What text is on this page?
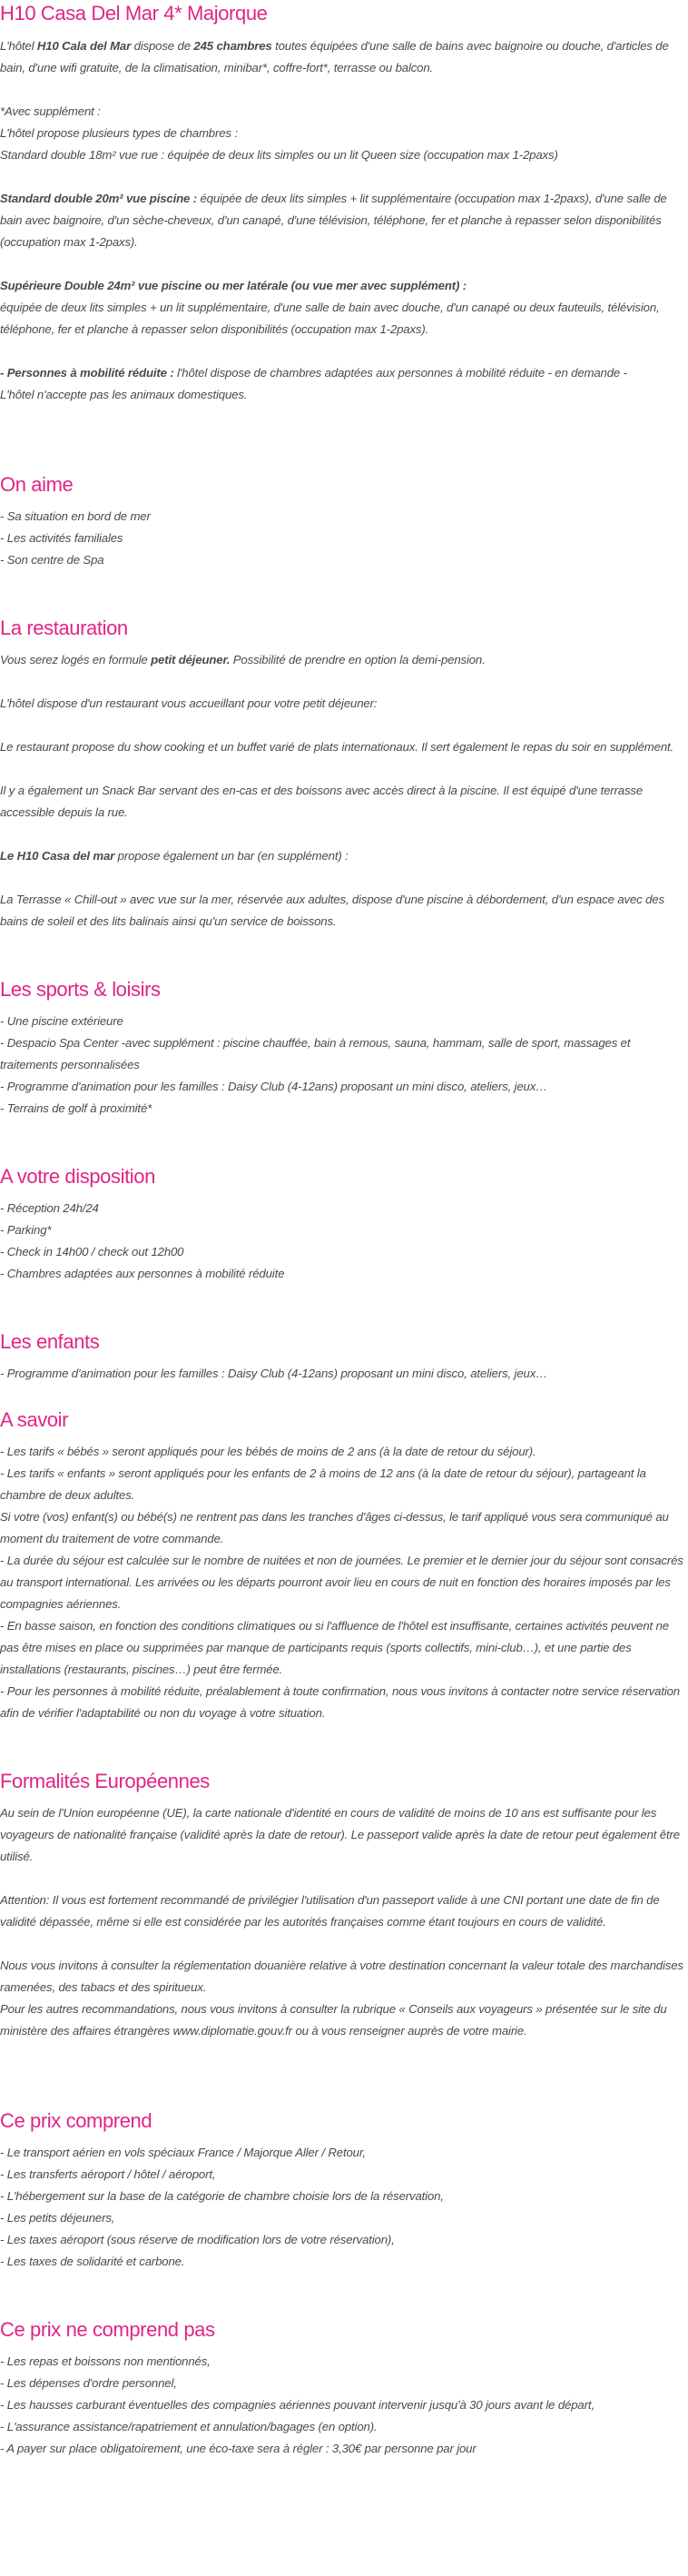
H10 Casa Del Mar 4* Majorque

L'hôtel H10 Cala del Mar dispose de 245 chambres toutes équipées d'une salle de bains avec baignoire ou douche, d'articles de bain, d'une wifi gratuite, de la climatisation, minibar*, coffre-fort*, terrasse ou balcon.

*Avec supplément :

L'hôtel propose plusieurs types de chambres :

Standard double 18m² vue rue : équipée de deux lits simples ou un lit Queen size (occupation max 1-2paxs)

Standard double 20m² vue piscine : équipée de deux lits simples + lit supplémentaire (occupation max 1-2paxs), d'une salle de bain avec baignoire, d'un sèche-cheveux, d'un canapé, d'une télévision, téléphone, fer et planche à repasser selon disponibilités (occupation max 1-2paxs).

Supérieure Double 24m² vue piscine ou mer latérale (ou vue mer avec supplément) :

équipée de deux lits simples + un lit supplémentaire, d'une salle de bain avec douche, d'un canapé ou deux fauteuils, télévision, téléphone, fer et planche à repasser selon disponibilités (occupation max 1-2paxs).

- Personnes à mobilité réduite : l'hôtel dispose de chambres adaptées aux personnes à mobilité réduite - en demande -

L'hôtel n'accepte pas les animaux domestiques.

On aime

- Sa situation en bord de mer

- Les activités familiales

- Son centre de Spa

La restauration

Vous serez logés en formule petit déjeuner. Possibilité de prendre en option la demi-pension.

L'hôtel dispose d'un restaurant vous accueillant pour votre petit déjeuner:

Le restaurant propose du show cooking et un buffet varié de plats internationaux. Il sert également le repas du soir en supplément.

Il y a également un Snack Bar servant des en-cas et des boissons avec accès direct à la piscine. Il est équipé d'une terrasse accessible depuis la rue.

Le H10 Casa del mar propose également un bar (en supplément) :

La Terrasse « Chill-out » avec vue sur la mer, réservée aux adultes, dispose d'une piscine à débordement, d'un espace avec des bains de soleil et des lits balinais ainsi qu'un service de boissons.

Les sports & loisirs

- Une piscine extérieure

- Despacio Spa Center -avec supplément : piscine chauffée, bain à remous, sauna, hammam, salle de sport, massages et traitements personnalisées

- Programme d'animation pour les familles : Daisy Club (4-12ans) proposant un mini disco, ateliers, jeux…

- Terrains de golf à proximité*

A votre disposition

- Réception 24h/24

- Parking*

- Check in 14h00 / check out 12h00

- Chambres adaptées aux personnes à mobilité réduite

Les enfants

- Programme d'animation pour les familles : Daisy Club (4-12ans) proposant un mini disco, ateliers, jeux…

A savoir

- Les tarifs « bébés » seront appliqués pour les bébés de moins de 2 ans (à la date de retour du séjour).

- Les tarifs « enfants » seront appliqués pour les enfants de 2 à moins de 12 ans (à la date de retour du séjour), partageant la chambre de deux adultes.

Si votre (vos) enfant(s) ou bébé(s) ne rentrent pas dans les tranches d'âges ci-dessus, le tarif appliqué vous sera communiqué au moment du traitement de votre commande.

- La durée du séjour est calculée sur le nombre de nuitées et non de journées. Le premier et le dernier jour du séjour sont consacrés au transport international. Les arrivées ou les départs pourront avoir lieu en cours de nuit en fonction des horaires imposés par les compagnies aériennes.

- En basse saison, en fonction des conditions climatiques ou si l'affluence de l'hôtel est insuffisante, certaines activités peuvent ne pas être mises en place ou supprimées par manque de participants requis (sports collectifs, mini-club…), et une partie des installations (restaurants, piscines…) peut être fermée.

- Pour les personnes à mobilité réduite, préalablement à toute confirmation, nous vous invitons à contacter notre service réservation afin de vérifier l'adaptabilité ou non du voyage à votre situation.

Formalités Européennes

Au sein de l'Union européenne (UE), la carte nationale d'identité en cours de validité de moins de 10 ans est suffisante pour les voyageurs de nationalité française (validité après la date de retour). Le passeport valide après la date de retour peut également être utilisé.

Attention: Il vous est fortement recommandé de privilégier l'utilisation d'un passeport valide à une CNI portant une date de fin de validité dépassée, même si elle est considérée par les autorités françaises comme étant toujours en cours de validité.

Nous vous invitons à consulter la réglementation douanière relative à votre destination concernant la valeur totale des marchandises ramenées, des tabacs et des spiritueux.

Pour les autres recommandations, nous vous invitons à consulter la rubrique « Conseils aux voyageurs » présentée sur le site du ministère des affaires étrangères www.diplomatie.gouv.fr ou à vous renseigner auprès de votre mairie.

Ce prix comprend

- Le transport aérien en vols spéciaux France / Majorque Aller / Retour,

- Les transferts aéroport / hôtel / aéroport,

- L'hébergement sur la base de la catégorie de chambre choisie lors de la réservation,

- Les petits déjeuners,

- Les taxes aéroport (sous réserve de modification lors de votre réservation),

- Les taxes de solidarité et carbone.

Ce prix ne comprend pas

- Les repas et boissons non mentionnés,

- Les dépenses d'ordre personnel,

- Les hausses carburant éventuelles des compagnies aériennes pouvant intervenir jusqu'à 30 jours avant le départ,

- L'assurance assistance/rapatriement et annulation/bagages (en option).

- A payer sur place obligatoirement, une éco-taxe sera à régler : 3,30€ par personne par jour
